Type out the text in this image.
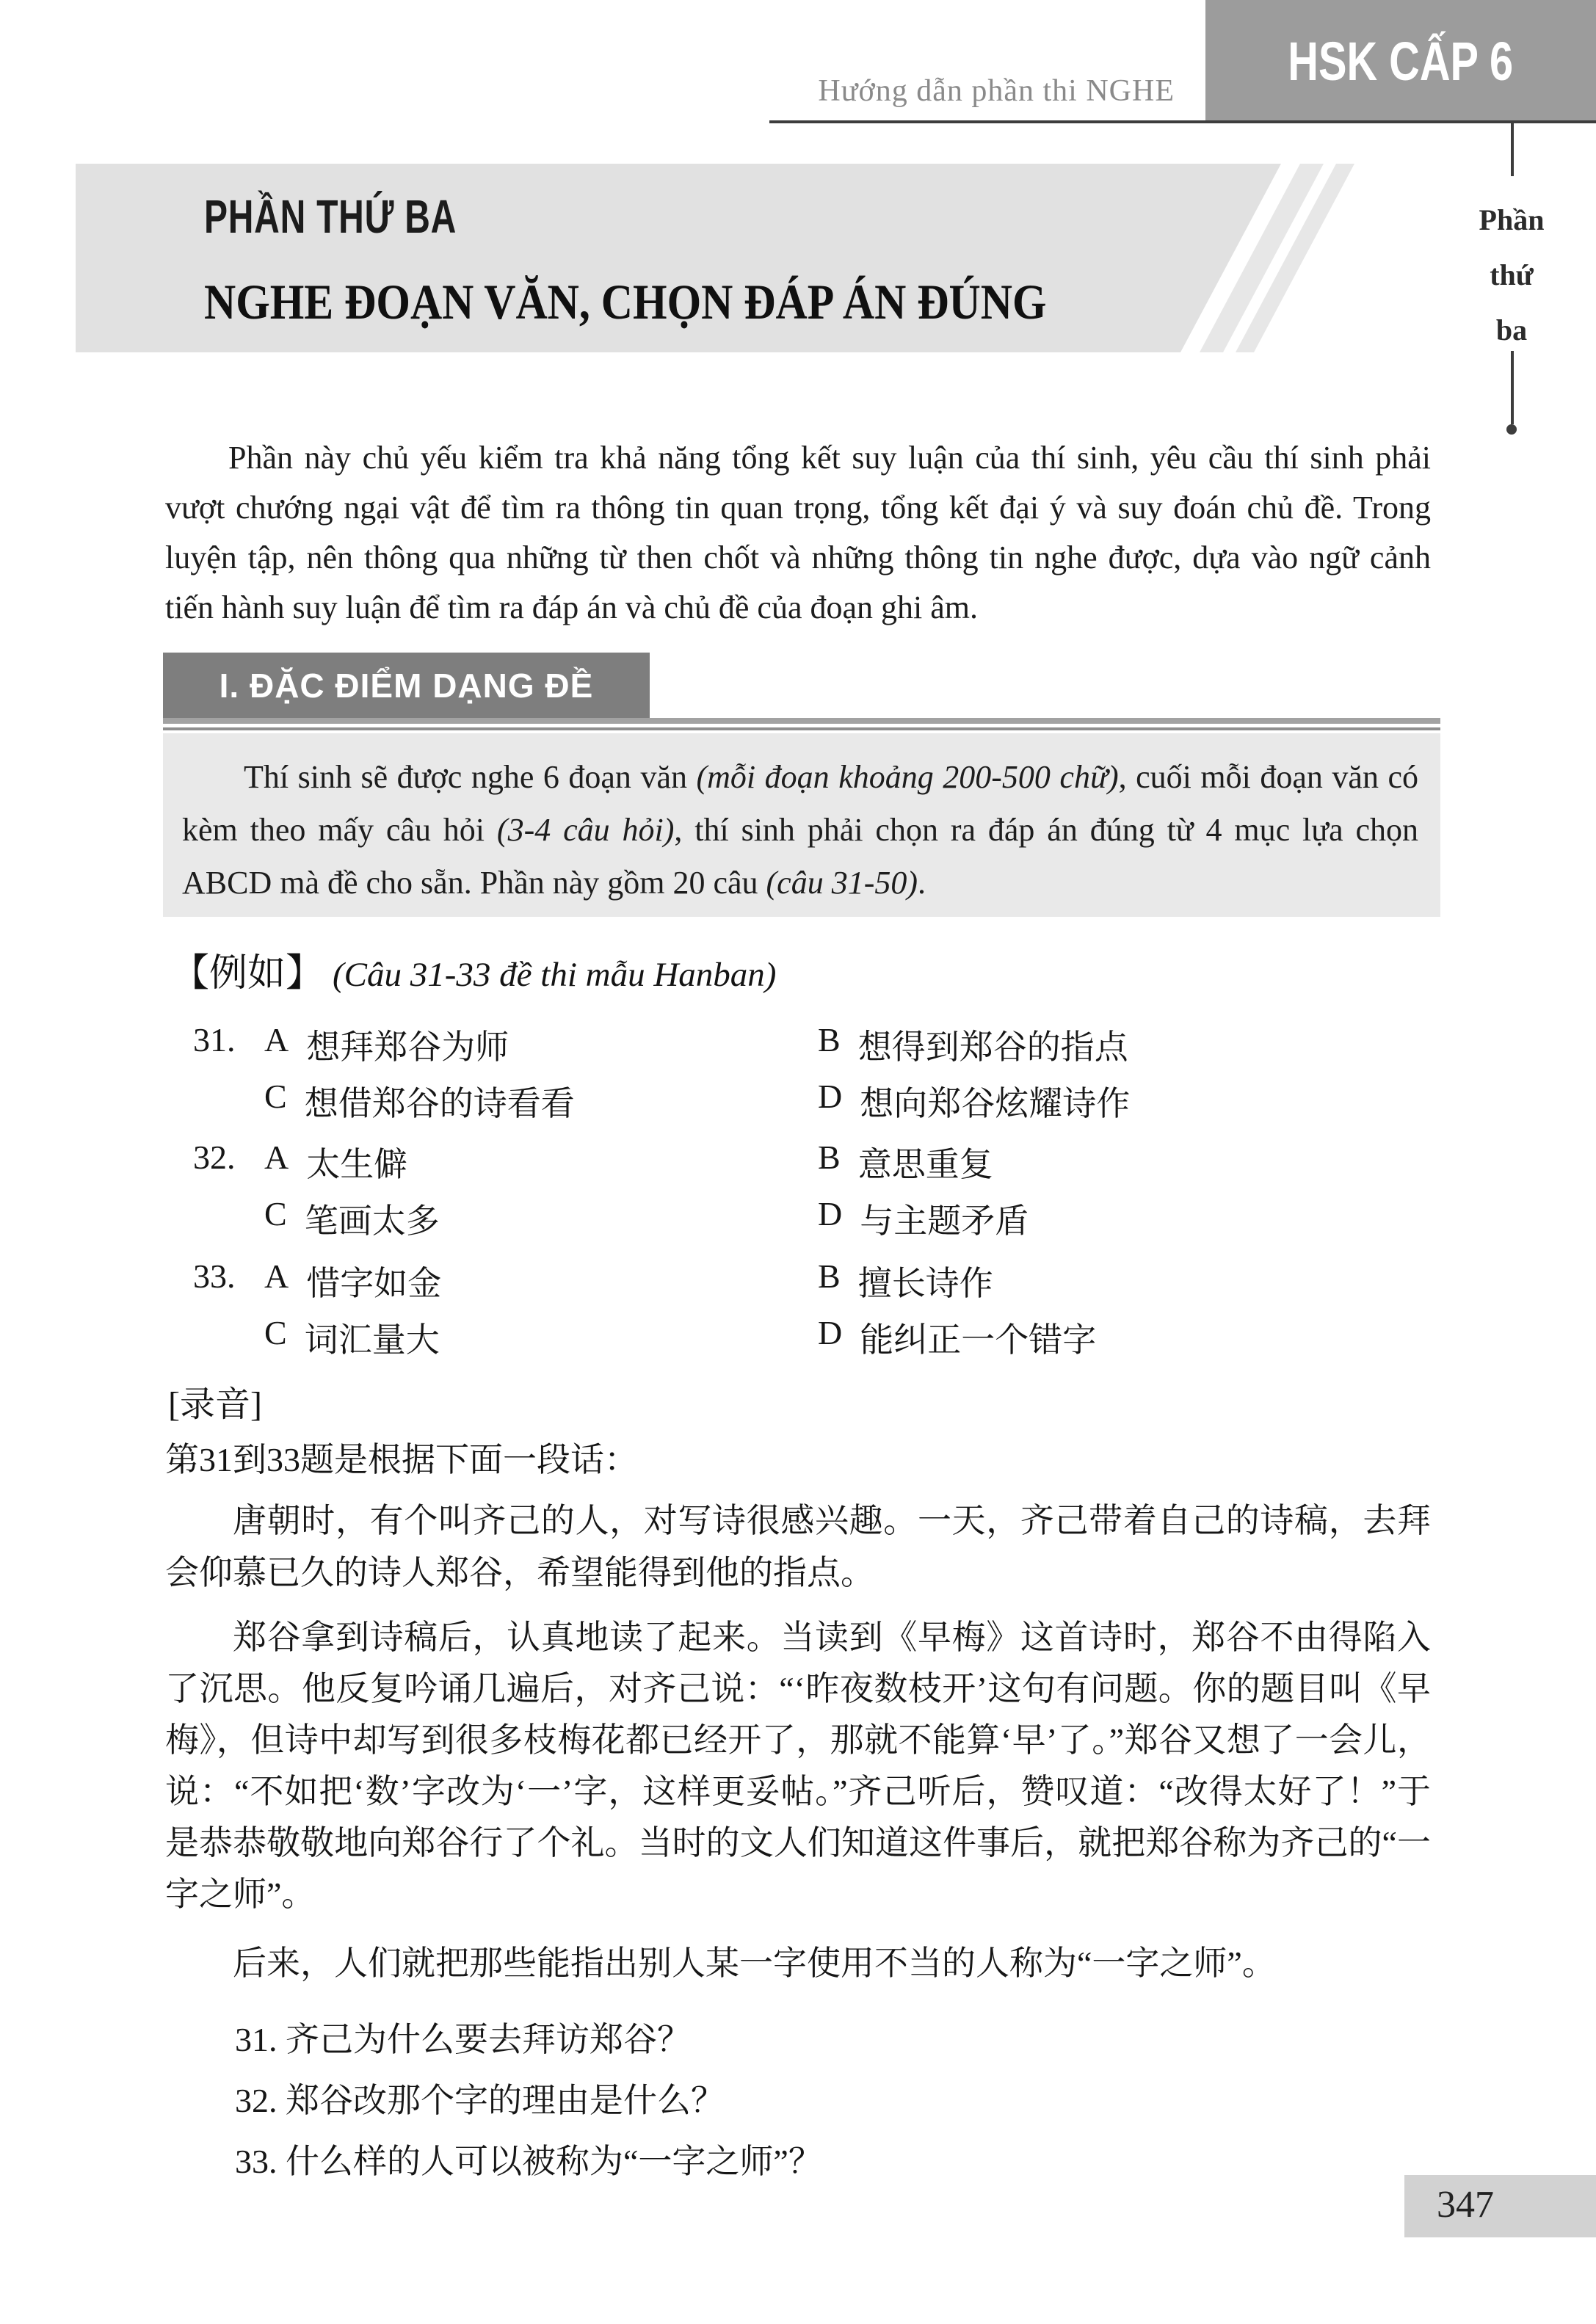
Hướng dẫn phần thi NGHE HSK CẤP 6
Phần
thứ
ba
PHẦN THỨ BA
NGHE ĐOẠN VĂN, CHỌN ĐÁP ÁN ĐÚNG
Phần này chủ yếu kiểm tra khả năng tổng kết suy luận của thí sinh, yêu cầu thí sinh phải vượt chướng ngại vật để tìm ra thông tin quan trọng, tổng kết đại ý và suy đoán chủ đề. Trong luyện tập, nên thông qua những từ then chốt và những thông tin nghe được, dựa vào ngữ cảnh tiến hành suy luận để tìm ra đáp án và chủ đề của đoạn ghi âm.
I. ĐẶC ĐIỂM DẠNG ĐỀ
Thí sinh sẽ được nghe 6 đoạn văn (mỗi đoạn khoảng 200-500 chữ), cuối mỗi đoạn văn có kèm theo mấy câu hỏi (3-4 câu hỏi), thí sinh phải chọn ra đáp án đúng từ 4 mục lựa chọn ABCD mà đề cho sẵn. Phần này gồm 20 câu (câu 31-50).
【例如】 (Câu 31-33 đề thi mẫu Hanban)
31. A 想拜郑谷为师	B 想得到郑谷的指点
C 想借郑谷的诗看看	D 想向郑谷炫耀诗作
32. A 太生僻	B 意思重复
C 笔画太多	D 与主题矛盾
33. A 惜字如金	B 擅长诗作
C 词汇量大	D 能纠正一个错字
[录音]
第31到33题是根据下面一段话：
唐朝时，有个叫齐己的人，对写诗很感兴趣。一天，齐己带着自己的诗稿，去拜会仰慕已久的诗人郑谷，希望能得到他的指点。
郑谷拿到诗稿后，认真地读了起来。当读到《早梅》这首诗时，郑谷不由得陷入了沉思。他反复吟诵几遍后，对齐己说：“‘昨夜数枝开’这句有问题。你的题目叫《早梅》，但诗中却写到很多枝梅花都已经开了，那就不能算‘早’了。”郑谷又想了一会儿，说：“不如把‘数’字改为‘一’字，这样更妥帖。”齐己听后，赞叹道：“改得太好了！”于是恭恭敬敬地向郑谷行了个礼。当时的文人们知道这件事后，就把郑谷称为齐己的“一字之师”。
后来，人们就把那些能指出别人某一字使用不当的人称为“一字之师”。
31. 齐己为什么要去拜访郑谷？
32. 郑谷改那个字的理由是什么？
33. 什么样的人可以被称为“一字之师”？
347
